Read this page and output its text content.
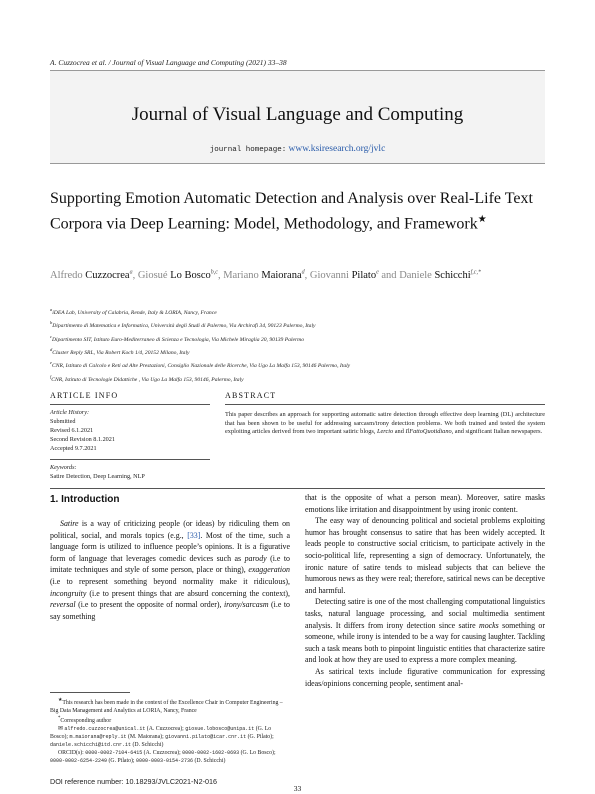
A. Cuzzocrea et al. / Journal of Visual Language and Computing (2021) 33–38
Journal of Visual Language and Computing
journal homepage: www.ksiresearch.org/jvlc
Supporting Emotion Automatic Detection and Analysis over Real-Life Text Corpora via Deep Learning: Model, Methodology, and Framework★
Alfredo Cuzzocrea$^a$, Giosué Lo Bosco$^{b,c}$, Mariano Maiorana$^d$, Giovanni Pilato$^e$ and Daniele Schicchi$^{f,c,*}$
$^a$iDEA Lab, University of Calabria, Rende, Italy & LORIA, Nancy, France
$^b$Dipartimento di Matematica e Informatica, Università degli Studi di Palermo, Via Archirafi 34, 90123 Palermo, Italy
$^c$Dipartimento SIT, Istituto Euro-Mediterraneo di Scienza e Tecnologia, Via Michele Miraglia 20, 90139 Palermo
$^d$Cluster Reply SRL, Via Robert Koch 1/4, 20152 Milano, Italy
$^e$CNR, Istituto di Calcolo e Reti ad Alte Prestazioni, Consiglio Nazionale delle Ricerche, Via Ugo La Malfa 153, 90146 Palermo, Italy
$^f$CNR, Istituto di Tecnologie Didattiche , Via Ugo La Malfa 153, 90146, Palermo, Italy
ARTICLE INFO
Article History:
Submitted
Revised 6.1.2021
Second Revision 8.1.2021
Accepted 9.7.2021
Keywords:
Satire Detection, Deep Learning, NLP
ABSTRACT
This paper describes an approach for supporting automatic satire detection through effective deep learning (DL) architecture that has been shown to be useful for addressing sarcasm/irony detection problems. We both trained and tested the system exploiting articles derived from two important satiric blogs, Lercio and IlFattoQuotidiano, and significant Italian newspapers.
1. Introduction

Satire is a way of criticizing people (or ideas) by ridiculing them on political, social, and morals topics (e.g., [33]. Most of the time, such a language form is utilized to influence people’s opinions. It is a figurative form of language that leverages comedic devices such as parody (i.e to imitate techniques and style of some person, place or thing), exaggeration (i.e to represent something beyond normality make it ridiculous), incongruity (i.e to present things that are absurd concerning the context), reversal (i.e to present the opposite of normal order), irony/sarcasm (i.e to say something

★This research has been made in the context of the Excellence Chair in Computer Engineering – Big Data Management and Analytics at LORIA, Nancy, France

*Corresponding author

✉ alfredo.cuzzocrea@unical.it (A. Cuzzocrea); giosue.lobosco@unipa.it (G. Lo Bosco); m.maiorana@reply.it (M. Maiorana); giovanni.pilato@icar.cnr.it (G. Pilato); daniele.schicchi@itd.cnr.it (D. Schicchi)

ORCID(s): 0000-0002-7104-6415 (A. Cuzzocrea); 0000-0002-1602-0693 (G. Lo Bosco); 0000-0002-6254-2249 (G. Pilato); 0000-0003-0154-2736 (D. Schicchi)

that is the opposite of what a person mean). Moreover, satire masks emotions like irritation and disappointment by using ironic content.

The easy way of denouncing political and societal problems exploiting humor has brought consensus to satire that has been widely accepted. It leads people to constructive social criticism, to participate actively in the socio-political life, representing a sign of democracy. Unfortunately, the ironic nature of satire tends to mislead subjects that can believe the humorous news as they were real; therefore, satirical news can be deceptive and harmful.

Detecting satire is one of the most challenging computational linguistics tasks, natural language processing, and social multimedia sentiment analysis. It differs from irony detection since satire mocks something or someone, while irony is intended to be a way for causing laughter. Tackling such a task means both to pinpoint linguistic entities that characterize satire and look at how they are used to express a more complex meaning.

As satirical texts include figurative communication for expressing ideas/opinions concerning people, sentiment anal-

DOI reference number: 10.18293/JVLC2021-N2-016
33
